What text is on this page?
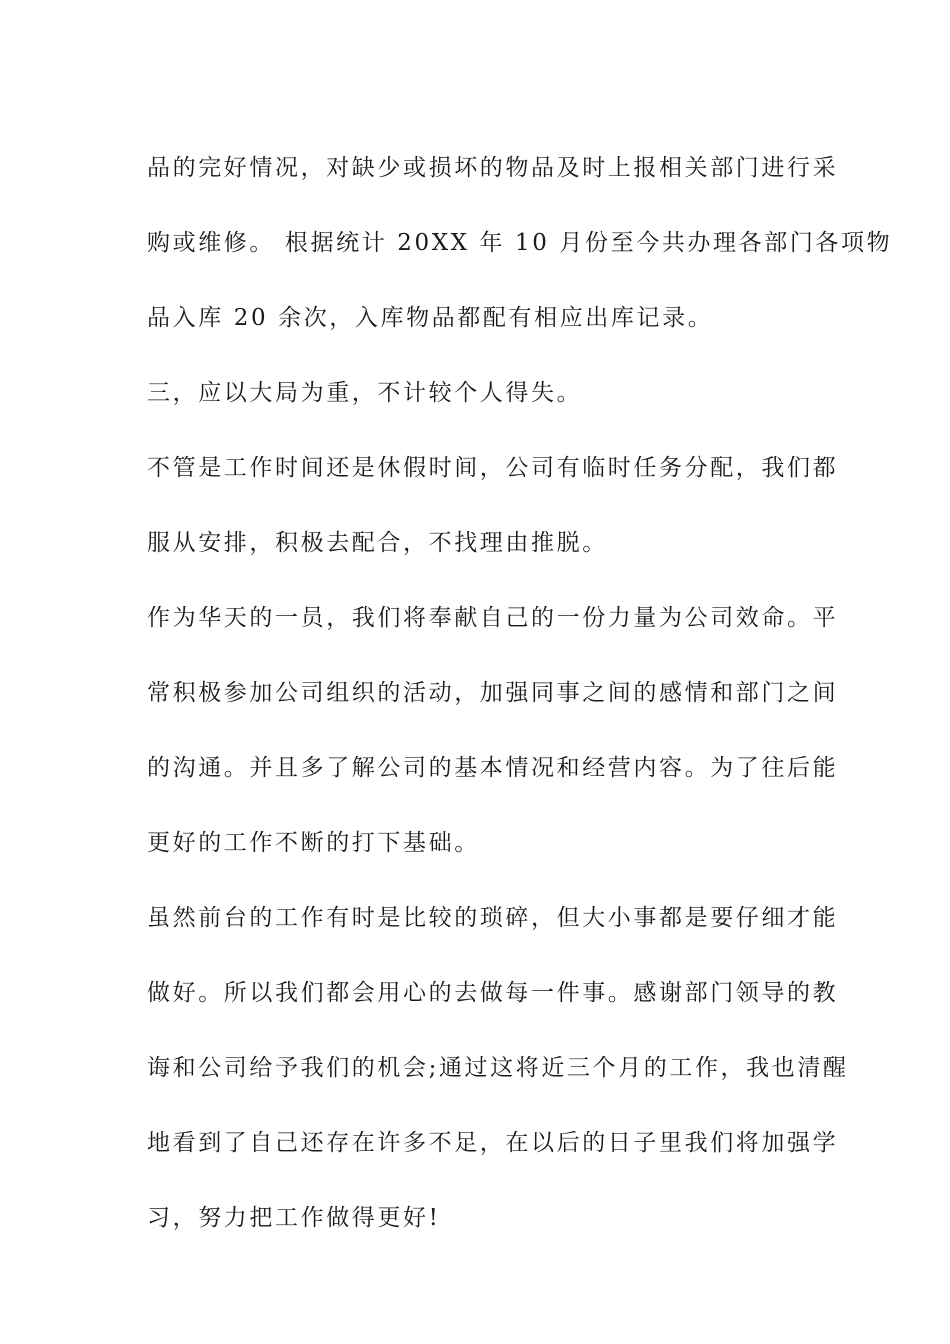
品的完好情况，对缺少或损坏的物品及时上报相关部门进行采
购或维修。 根据统计 20XX 年 10 月份至今共办理各部门各项物
品入库 20 余次，入库物品都配有相应出库记录。
三，应以大局为重，不计较个人得失。
不管是工作时间还是休假时间，公司有临时任务分配，我们都
服从安排，积极去配合，不找理由推脱。
作为华天的一员，我们将奉献自己的一份力量为公司效命。平
常积极参加公司组织的活动，加强同事之间的感情和部门之间
的沟通。并且多了解公司的基本情况和经营内容。为了往后能
更好的工作不断的打下基础。
虽然前台的工作有时是比较的琐碎，但大小事都是要仔细才能
做好。所以我们都会用心的去做每一件事。感谢部门领导的教
诲和公司给予我们的机会;通过这将近三个月的工作，我也清醒
地看到了自己还存在许多不足，在以后的日子里我们将加强学
习，努力把工作做得更好!
